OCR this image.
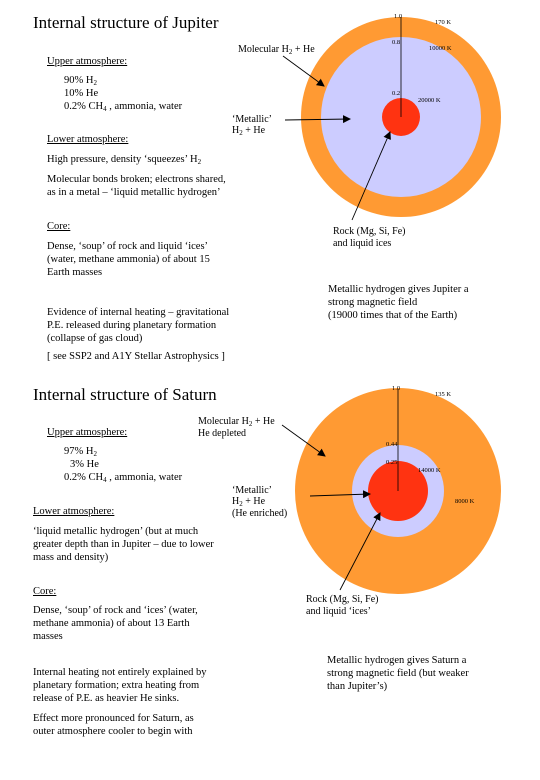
Internal structure of Jupiter
Upper atmosphere:
90% $H_2$
10% He
0.2% $CH_4$ , ammonia, water
Lower atmosphere:
High pressure, density ‘squeezes’ $H_2$
Molecular bonds broken; electrons shared,
as in a metal – ‘liquid metallic hydrogen’
Core:
Dense, ‘soup’ of rock and liquid ‘ices’
(water, methane ammonia) of about 15
Earth masses
Evidence of internal heating – gravitational
P.E. released during planetary formation
(collapse of gas cloud)
[ see SSP2 and A1Y Stellar Astrophysics ]
Metallic hydrogen gives Jupiter a
strong magnetic field
(19000 times that of the Earth)
Molecular $H_2 + He$
‘Metallic’
$H_2 + He$
Rock (Mg, Si, Fe)
and liquid ices
1.0
0.8
0.2
170 K
10000 K
20000 K
Internal structure of Saturn
Upper atmosphere:
97% $H_2$
3% He
0.2% $CH_4$ , ammonia, water
Lower atmosphere:
‘liquid metallic hydrogen’ (but at much
greater depth than in Jupiter – due to lower
mass and density)
Core:
Dense, ‘soup’ of rock and ‘ices’ (water,
methane ammonia) of about 13 Earth
masses
Internal heating not entirely explained by
planetary formation; extra heating from
release of P.E. as heavier He sinks.
Effect more pronounced for Saturn, as
outer atmosphere cooler to begin with
Metallic hydrogen gives Saturn a
strong magnetic field (but weaker
than Jupiter’s)
Molecular $H_2 + He$
He depleted
‘Metallic’
$H_2 + He$
(He enriched)
Rock (Mg, Si, Fe)
and liquid ‘ices’
1.0
0.44
0.25
135 K
14000 K
8000 K
